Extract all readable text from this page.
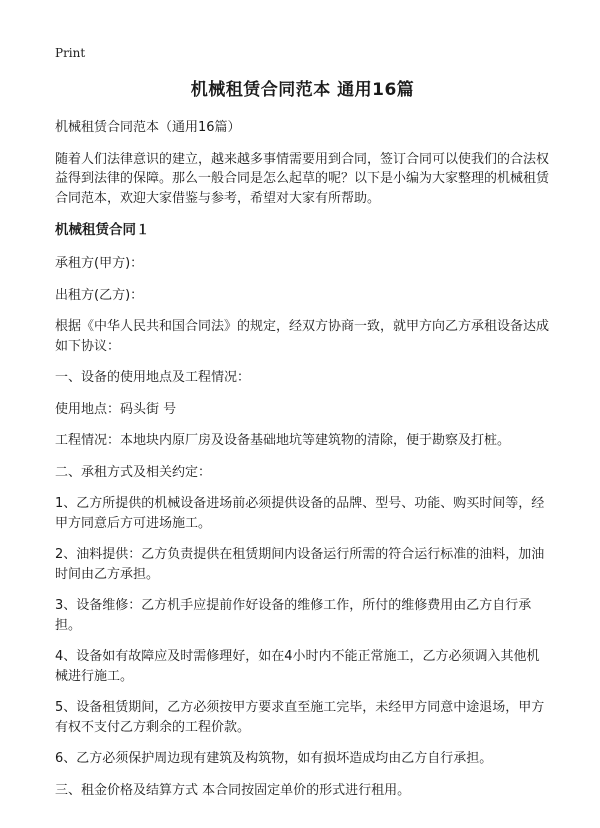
Print
机械租赁合同范本 通用16篇

机械租赁合同范本（通用16篇）

随着人们法律意识的建立，越来越多事情需要用到合同，签订合同可以使我们的合法权益得到法律的保障。那么一般合同是怎么起草的呢？以下是小编为大家整理的机械租赁合同范本，欢迎大家借鉴与参考，希望对大家有所帮助。

机械租赁合同１

承租方(甲方)：

出租方(乙方)：

根据《中华人民共和国合同法》的规定，经双方协商一致，就甲方向乙方承租设备达成如下协议：

一、设备的使用地点及工程情况：

使用地点：码头街 号

工程情况：本地块内原厂房及设备基础地坑等建筑物的清除，便于勘察及打桩。

二、承租方式及相关约定：

1、乙方所提供的机械设备进场前必须提供设备的品牌、型号、功能、购买时间等，经甲方同意后方可进场施工。

2、油料提供：乙方负责提供在租赁期间内设备运行所需的符合运行标准的油料，加油时间由乙方承担。

3、设备维修：乙方机手应提前作好设备的维修工作，所付的维修费用由乙方自行承担。

4、设备如有故障应及时需修理好，如在4小时内不能正常施工，乙方必须调入其他机械进行施工。

5、设备租赁期间，乙方必须按甲方要求直至施工完毕，未经甲方同意中途退场，甲方有权不支付乙方剩余的工程价款。

6、乙方必须保护周边现有建筑及构筑物，如有损坏造成均由乙方自行承担。

三、租金价格及结算方式 本合同按固定单价的形式进行租用。
